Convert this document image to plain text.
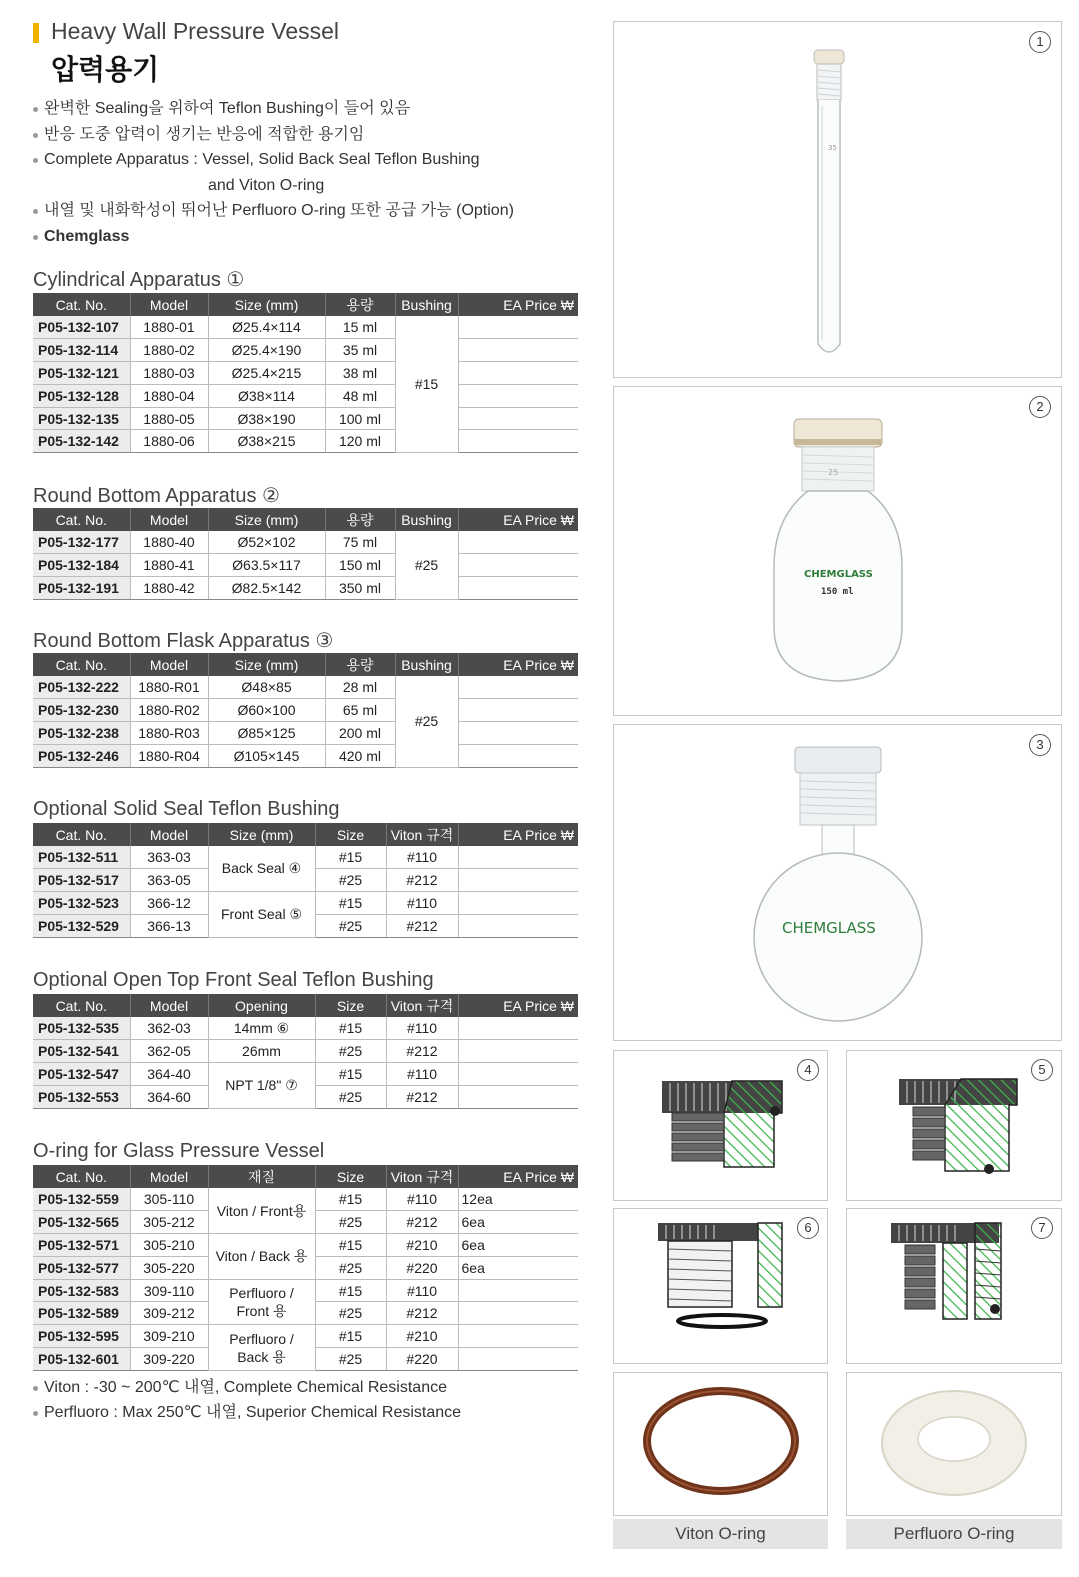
Heavy Wall Pressure Vessel
압력용기
완벽한 Sealing을 위하여 Teflon Bushing이 들어 있음
반응 도중 압력이 생기는 반응에 적합한 용기임
Complete Apparatus : Vessel, Solid Back Seal Teflon Bushing
and Viton O-ring
내열 및 내화학성이 뛰어난 Perfluoro O-ring 또한 공급 가능 (Option)
Chemglass
Cylindrical Apparatus ①
Cat. No.	Model	Size (mm)	용량	Bushing	EA Price ₩
P05-132-107	1880-01	Ø25.4×114	15 ml	#15	
P05-132-114	1880-02	Ø25.4×190	35 ml		
P05-132-121	1880-03	Ø25.4×215	38 ml		
P05-132-128	1880-04	Ø38×114	48 ml		
P05-132-135	1880-05	Ø38×190	100 ml		
P05-132-142	1880-06	Ø38×215	120 ml		
Round Bottom Apparatus ②
Cat. No.	Model	Size (mm)	용량	Bushing	EA Price ₩
P05-132-177	1880-40	Ø52×102	75 ml	#25	
P05-132-184	1880-41	Ø63.5×117	150 ml		
P05-132-191	1880-42	Ø82.5×142	350 ml		
Round Bottom Flask Apparatus ③
Cat. No.	Model	Size (mm)	용량	Bushing	EA Price ₩
P05-132-222	1880-R01	Ø48×85	28 ml	#25	
P05-132-230	1880-R02	Ø60×100	65 ml		
P05-132-238	1880-R03	Ø85×125	200 ml		
P05-132-246	1880-R04	Ø105×145	420 ml		
Optional Solid Seal Teflon Bushing
Cat. No.	Model	Size (mm)	Size	Viton 규격	EA Price ₩
P05-132-511	363-03	Back Seal ④	#15	#110	
P05-132-517	363-05		#25	#212	
P05-132-523	366-12	Front Seal ⑤	#15	#110	
P05-132-529	366-13		#25	#212	
Optional Open Top Front Seal Teflon Bushing
Cat. No.	Model	Opening	Size	Viton 규격	EA Price ₩
P05-132-535	362-03	14mm ⑥	#15	#110	
P05-132-541	362-05	26mm	#25	#212	
P05-132-547	364-40	NPT 1/8" ⑦	#15	#110	
P05-132-553	364-60		#25	#212	
O-ring for Glass Pressure Vessel
Cat. No.	Model	재질	Size	Viton 규격	EA Price ₩
P05-132-559	305-110	Viton / Front용	#15	#110	12ea
P05-132-565	305-212		#25	#212	6ea
P05-132-571	305-210	Viton / Back 용	#15	#210	6ea
P05-132-577	305-220		#25	#220	6ea
P05-132-583	309-110	Perfluoro /
Front 용	#15	#110	
P05-132-589	309-212		#25	#212	
P05-132-595	309-210	Perfluoro /
Back 용	#15	#210	
P05-132-601	309-220		#25	#220	
Viton : -30 ~ 200℃ 내열, Complete Chemical Resistance
Perfluoro : Max 250℃ 내열, Superior Chemical Resistance
1
35
2
25
CHEMGLASS
150 ml
3
CHEMGLASS
4	5
6	7
Viton O-ring	Perfluoro O-ring
